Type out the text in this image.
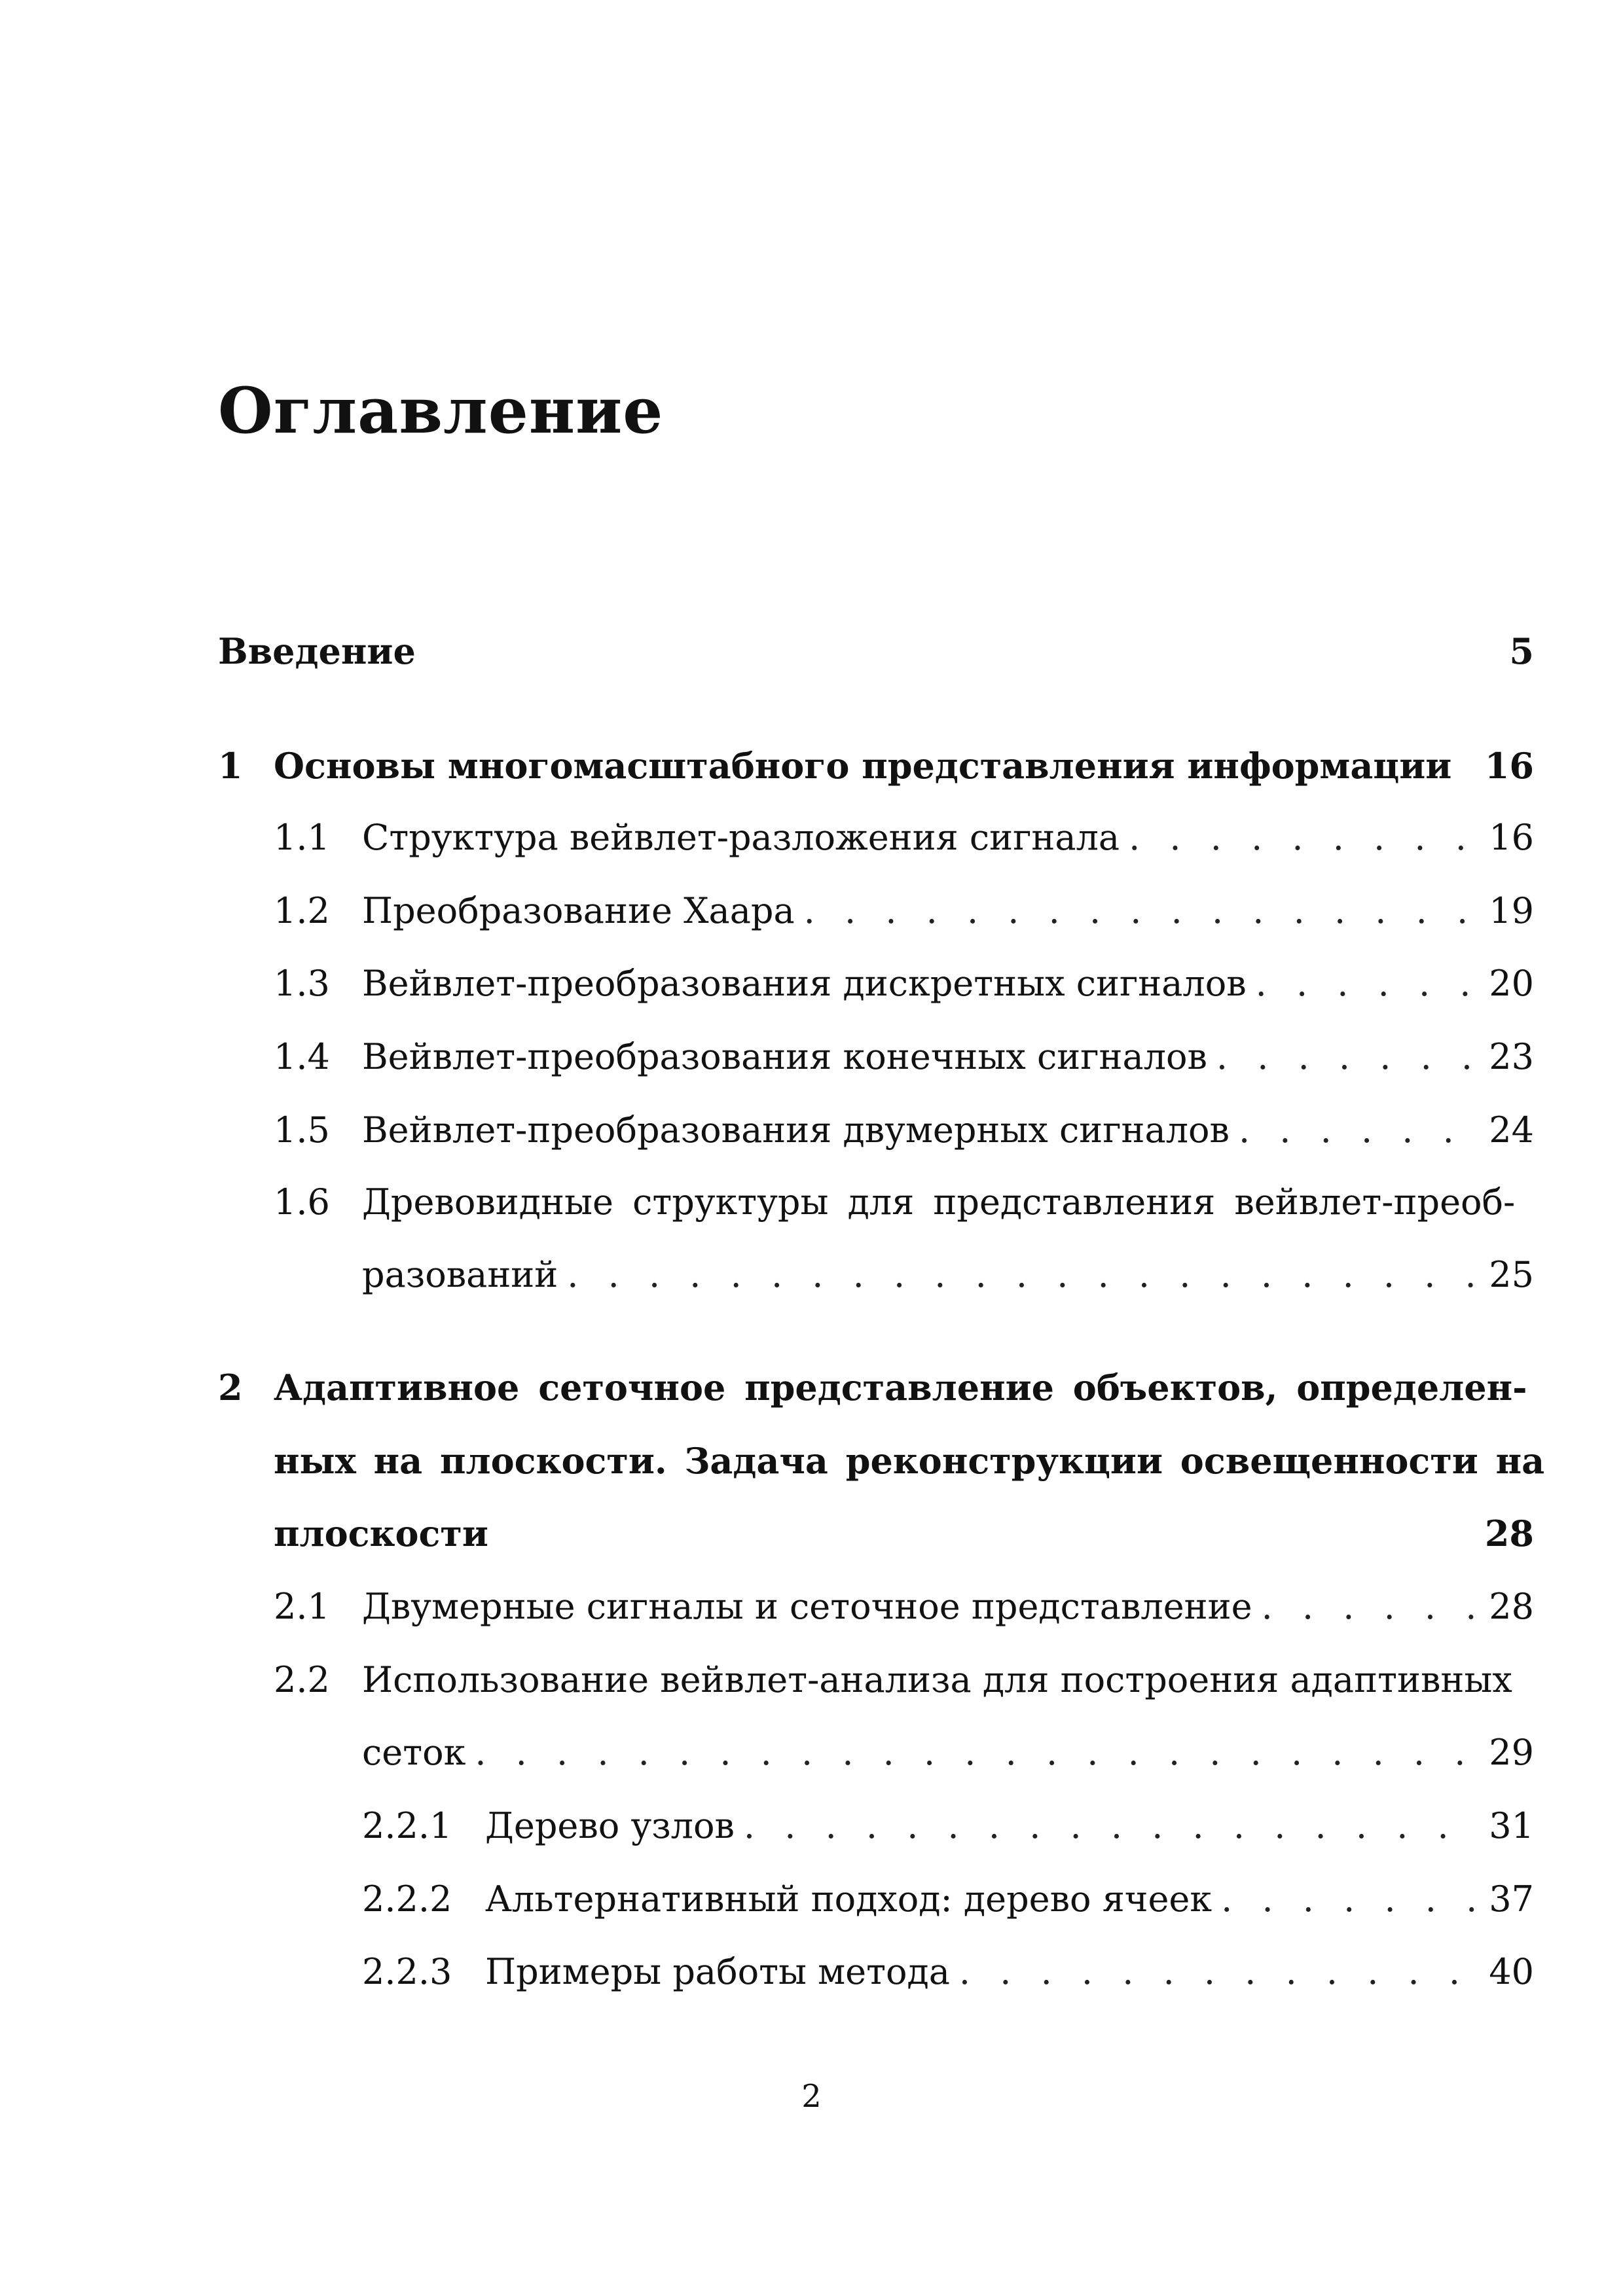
Оглавление
Введение	5
1 Основы многомасштабного представления информации 16
1.1 Структура вейвлет-разложения сигнала . . .	16
1.2 Преобразование Хаара . . .	19
1.3 Вейвлет-преобразования дискретных сигналов . . .	20
1.4 Вейвлет-преобразования конечных сигналов . . .	23
1.5 Вейвлет-преобразования двумерных сигналов . . .	24
1.6 Древовидные структуры для представления вейвлет-преоб-
разований . . .	25
2 Адаптивное сеточное представление объектов, определен-
ных на плоскости. Задача реконструкции освещенности на
плоскости	28
2.1 Двумерные сигналы и сеточное представление . . .	28
2.2 Использование вейвлет-анализа для построения адаптивных
сеток . . .	29
2.2.1 Дерево узлов . . .	31
2.2.2 Альтернативный подход: дерево ячеек . . .	37
2.2.3 Примеры работы метода . . .	40
2
